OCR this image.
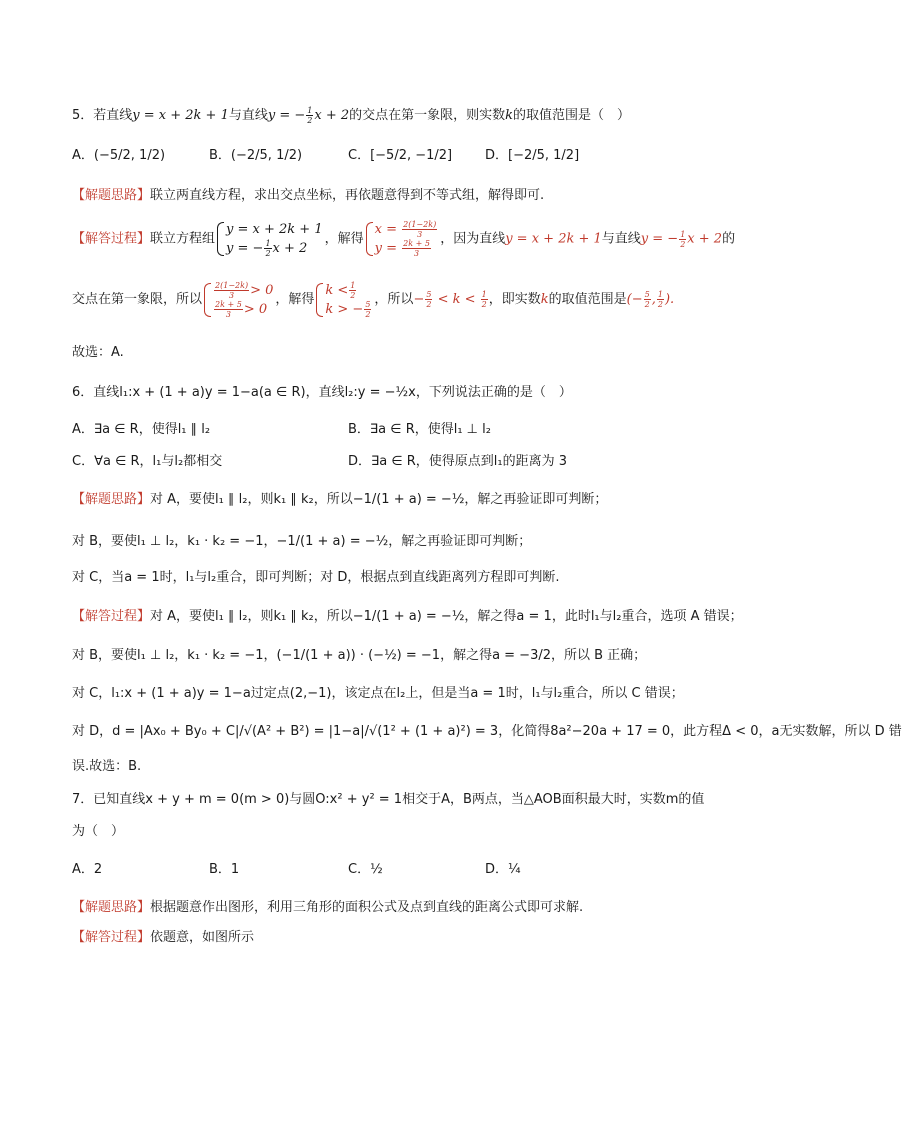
5．若直线y = x + 2k + 1与直线y = − $\frac{1}{2}$ x + 2的交点在第一象限，则实数k的取值范围是（　）
A．(−5/2, 1/2)	B．(−2/5, 1/2)	C．[−5/2, −1/2]	D．[−2/5, 1/2]
【解题思路】联立两直线方程，求出交点坐标，再依题意得到不等式组，解得即可.
【解答过程】联立方程组
y = x + 2k + 1
y = − $\frac{1}{2}$ x + 2
，解得
$x = \frac{2(1-2k)}{3}$
$y = \frac{2k + 5}{3}$ ，因为直线y = x + 2k + 1与直线y = − $\frac{1}{2}$ x + 2的
交点在第一象限，所以 $\frac{2(1-2k)}{3} > 0$
$\frac{2k + 5}{3} > 0$
，解得
$k < \frac{1}{2}$
k > − $\frac{5}{2}$ ，所以− $\frac{5}{2} < k < \frac{1}{2}$ ，即实数k的取值范围是(− $\frac{5}{2}$ , $\frac{1}{2}$ ).
故选：A.
6．直线l₁:x + (1 + a)y = 1−a(a ∈ R)，直线l₂:y = −½x，下列说法正确的是（　）
A．∃a ∈ R，使得l₁ ∥ l₂	B．∃a ∈ R，使得l₁ ⊥ l₂
C．∀a ∈ R，l₁与l₂都相交	D．∃a ∈ R，使得原点到l₁的距离为 3
【解题思路】对 A，要使l₁ ∥ l₂，则k₁ ∥ k₂，所以−1/(1 + a) = −½，解之再验证即可判断；
对 B，要使l₁ ⊥ l₂，k₁ · k₂ = −1，−1/(1 + a) = −½，解之再验证即可判断；
对 C，当a = 1时，l₁与l₂重合，即可判断；对 D，根据点到直线距离列方程即可判断.
【解答过程】对 A，要使l₁ ∥ l₂，则k₁ ∥ k₂，所以−1/(1 + a) = −½，解之得a = 1，此时l₁与l₂重合，选项 A 错误；
对 B，要使l₁ ⊥ l₂，k₁ · k₂ = −1，(−1/(1 + a)) · (−½) = −1，解之得a = −3/2，所以 B 正确；
对 C，l₁:x + (1 + a)y = 1−a过定点(2,−1)，该定点在l₂上，但是当a = 1时，l₁与l₂重合，所以 C 错误；
对 D，d = |Ax₀ + By₀ + C|/√(A² + B²) = |1−a|/√(1² + (1 + a)²) = 3，化简得8a²−20a + 17 = 0，此方程Δ < 0，a无实数解，所以 D 错
误.故选：B.
7．已知直线x + y + m = 0(m > 0)与圆O:x² + y² = 1相交于A，B两点，当△AOB面积最大时，实数m的值
为（　）
A．2	B．1	C．½	D．¼
【解题思路】根据题意作出图形，利用三角形的面积公式及点到直线的距离公式即可求解.
【解答过程】依题意，如图所示
